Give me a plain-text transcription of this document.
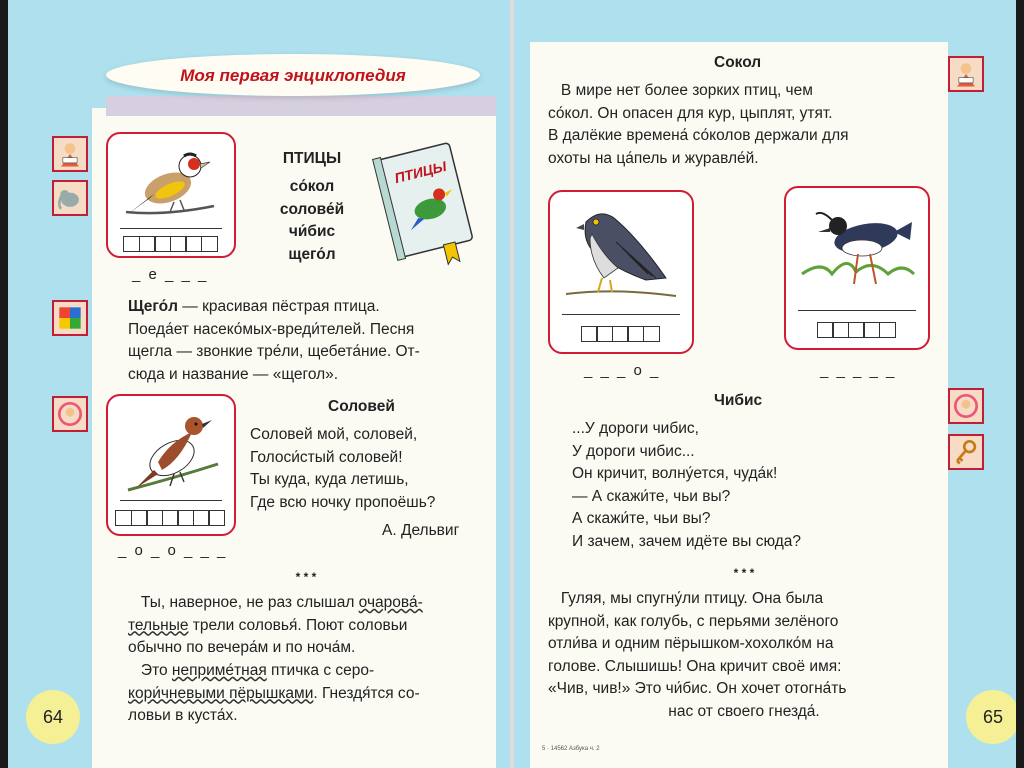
Моя первая энциклопедия
_ е _ _ _
ПТИЦЫ
со́кол
солове́й
чи́бис
щего́л
ПТИЦЫ
Щего́л — красивая пёстрая птица.
Поеда́ет насеко́мых-вреди́телей. Песня
щегла — звонкие тре́ли, щебета́ние. От-
сюда и название — «щегол».
_ о _ о _ _ _
Соловей
Соловей мой, соловей,
Голоси́стый соловей!
Ты куда, куда летишь,
Где всю ночку пропоёшь?
А. Дельвиг
* * *
Ты, наверное, не раз слышал очарова́-
тельные трели соловья́. Поют соловьи
обычно по вечера́м и по ноча́м.
Это неприме́тная птичка с серо-
кори́чневыми пёрышками. Гнездя́тся со-
ловьи в куста́х.
64
Сокол
В мире нет более зорких птиц, чем
со́кол. Он опасен для кур, цыплят, утят.
В далёкие времена́ со́колов держали для
охоты на ца́пель и журавле́й.
_ _ _ о _	_ _ _ _ _
Чибис
...У дороги чибис,
У дороги чибис...
Он кричит, волну́ется, чуда́к!
— А скажи́те, чьи вы?
А скажи́те, чьи вы?
И зачем, зачем идёте вы сюда?
* * *
Гуляя, мы спугну́ли птицу. Она была
крупной, как голубь, с перьями зелёного
отли́ва и одним пёрышком-хохолко́м на
голове. Слышишь! Она кричит своё имя:
«Чив, чив!» Это чи́бис. Он хочет отогна́ть
нас от своего гнезда́.
5 · 14562 Азбука ч. 2
65
